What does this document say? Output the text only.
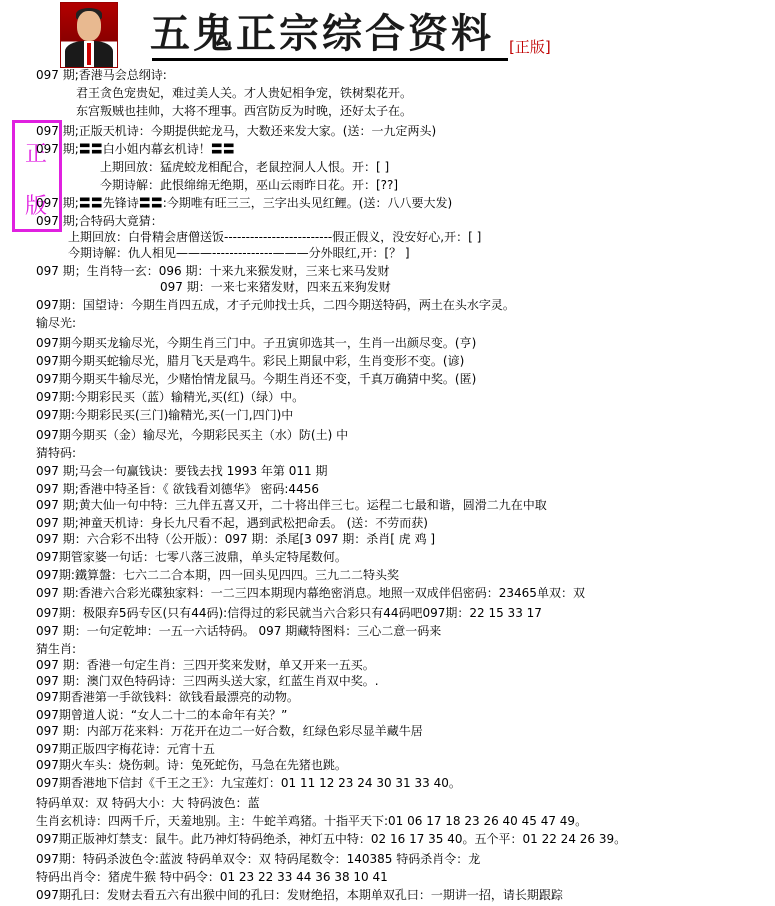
五鬼正宗综合资料 [正版]
正
版
097 期;香港马会总纲诗:
君王贪色宠贵妃，难过美人关。才人贵妃相争宠，铁树梨花开。
东宫叛贼也挂帅，大将不理事。西宫防反为时晚，还好太子在。
097 期;正版天机诗：今期提供蛇龙马，大数还来发大家。(送：一九定两头)
097 期;〓〓白小姐内幕玄机诗！〓〓
上期回放：猛虎蛟龙相配合，老鼠控洞人人恨。开：[ ]
今期诗解：此恨绵绵无绝期，巫山云雨昨日花。开：[??]
097 期;〓〓先锋诗〓〓:今期唯有旺三三，三字出头见红鲤。(送：八八要大发)
097 期;合特码大竟猜：
上期回放：白骨精会唐僧送饭-------------------------假正假义，没安好心,开：[ ]
今期诗解：仇人相见———--------------———分外眼红,开：[？ ]
097 期；生肖特一玄：096 期：十来九来猴发财，三来七来马发财
097 期：一来七来猪发财，四来五来狗发财
097期：国望诗：今期生肖四五成，才子元帅找士兵，二四今期送特码，两土在头水字灵。
输尽光:
097期今期买龙输尽光，今期生肖三门中。子丑寅卯选其一，生肖一出颜尽变。(亨)
097期今期买蛇输尽光，腊月飞天是鸡牛。彩民上期鼠中彩，生肖变形不变。(谚)
097期今期买牛输尽光，少赌怡情龙鼠马。今期生肖还不变，千真万确猜中奖。(匿)
097期:今期彩民买（蓝）输精光,买(红)（绿）中。
097期:今期彩民买(三门)输精光,买(一门,四门)中
097期今期买（金）输尽光，今期彩民买主（水）防(土) 中
猜特码:
097 期;马会一句赢钱诀：要钱去找 1993 年第 011 期
097 期;香港中特圣旨：《 欲钱看刘德华》 密码:4456
097 期;黄大仙一句中特：三九伴五喜又开，二十将出伴三七。运程二七最和谐，圆滑二九在中取
097 期;神童天机诗：身长九尺看不起，遇到武松把命丢。 (送：不劳而获)
097 期：六合彩不出特（公开版）：097 期：杀尾[3 097 期：杀肖[ 虎 鸡 ]
097期管家婆一句话：七零八落三波鼎，单头定特尾数何。
097期:鐵算盤：七六二二合本期，四一回头见四四。三九二二特头奖
097 期:香港六合彩光碟独家料：一二三四本期现内幕绝密消息。地照一双成伴侣密码：23465单双：双
097期：极限弃5码专区(只有44码):信得过的彩民就当六合彩只有44码吧097期：22 15 33 17
097 期：一句定乾坤：一五一六话特码。 097 期藏特图料：三心二意一码来
猜生肖:
097 期：香港一句定生肖：三四开奖来发财，单又开来一五买。
097 期：澳门双色特码诗：三四两头送大家，红蓝生肖双中奖。.
097期香港第一手欲钱料：欲钱看最漂亮的动物。
097期曾道人说：“女人二十二的本命年有关？”
097 期：内部万花来料：万花开在边二一好合数，红绿色彩尽显羊藏牛居
097期正版四字梅花诗：元宵十五
097期火车头：烧伤刺。诗：兔死蛇伤，马急在先猪也跳。
097期香港地下信封《千王之王》：九宝莲灯：01 11 12 23 24 30 31 33 40。
特码单双：双 特码大小：大 特码波色：蓝
生肖玄机诗：四两千斤，天羞地别。主：牛蛇羊鸡猪。十指平天下:01 06 17 18 23 26 40 45 47 49。
097期正版神灯禁支：鼠牛。此乃神灯特码绝杀，神灯五中特：02 16 17 35 40。五个平：01 22 24 26 39。
097期：特码杀波色令:蓝波 特码单双令：双 特码尾数令：140385 特码杀肖令：龙
特码出肖令：猪虎牛猴 特中码令：01 23 22 33 44 36 38 10 41
097期孔曰：发财去看五六有出猴中间的孔曰：发财绝招，本期单双孔曰：一期讲一招，请长期跟踪
